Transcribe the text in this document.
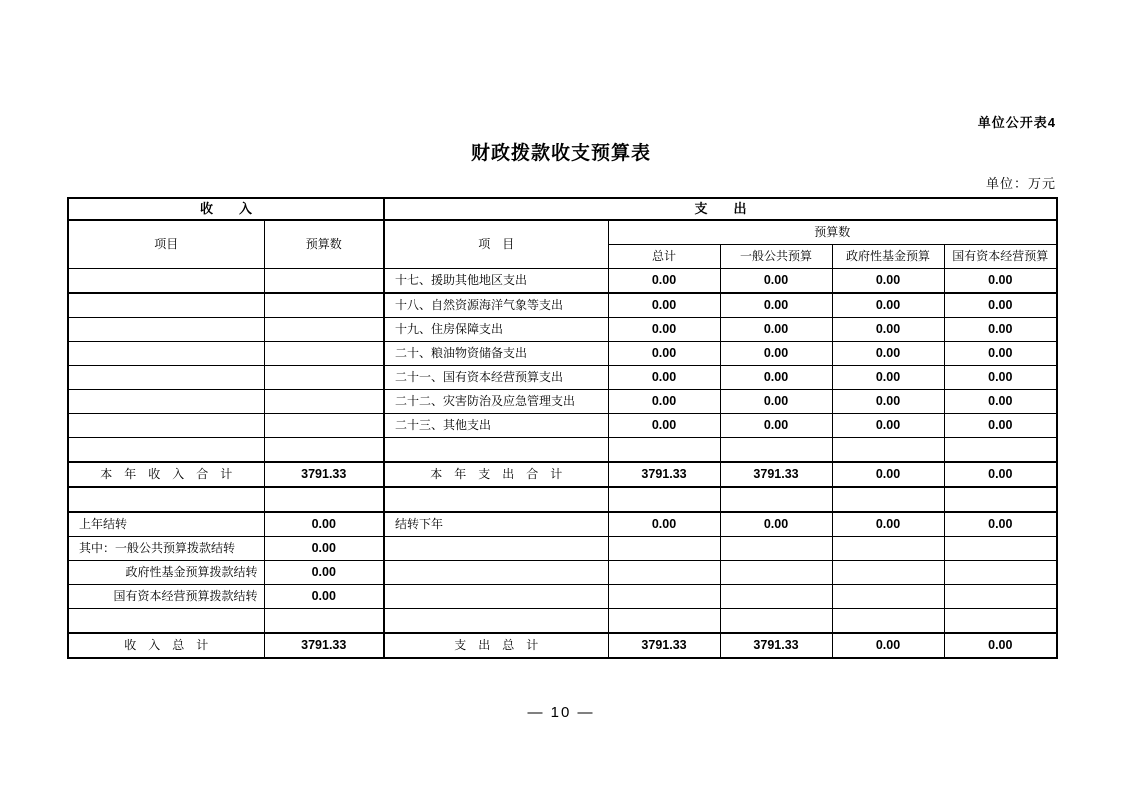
单位公开表4
财政拨款收支预算表
单位：万元
收　　入		支　　出				
项目	预算数	项　目	预算数			
			总计	一般公共预算	政府性基金预算	国有资本经营预算
		十七、援助其他地区支出	0.00	0.00	0.00	0.00
		十八、自然资源海洋气象等支出	0.00	0.00	0.00	0.00
		十九、住房保障支出	0.00	0.00	0.00	0.00
		二十、粮油物资储备支出	0.00	0.00	0.00	0.00
		二十一、国有资本经营预算支出	0.00	0.00	0.00	0.00
		二十二、灾害防治及应急管理支出	0.00	0.00	0.00	0.00
		二十三、其他支出	0.00	0.00	0.00	0.00

本　年　收　入　合　计	3791.33	本　年　支　出　合　计	3791.33	3791.33	0.00	0.00

上年结转	0.00	结转下年	0.00	0.00	0.00	0.00
其中：一般公共预算拨款结转	0.00					
政府性基金预算拨款结转	0.00					
国有资本经营预算拨款结转	0.00					

收　入　总　计	3791.33	支　出　总　计	3791.33	3791.33	0.00	0.00
— 10 —
